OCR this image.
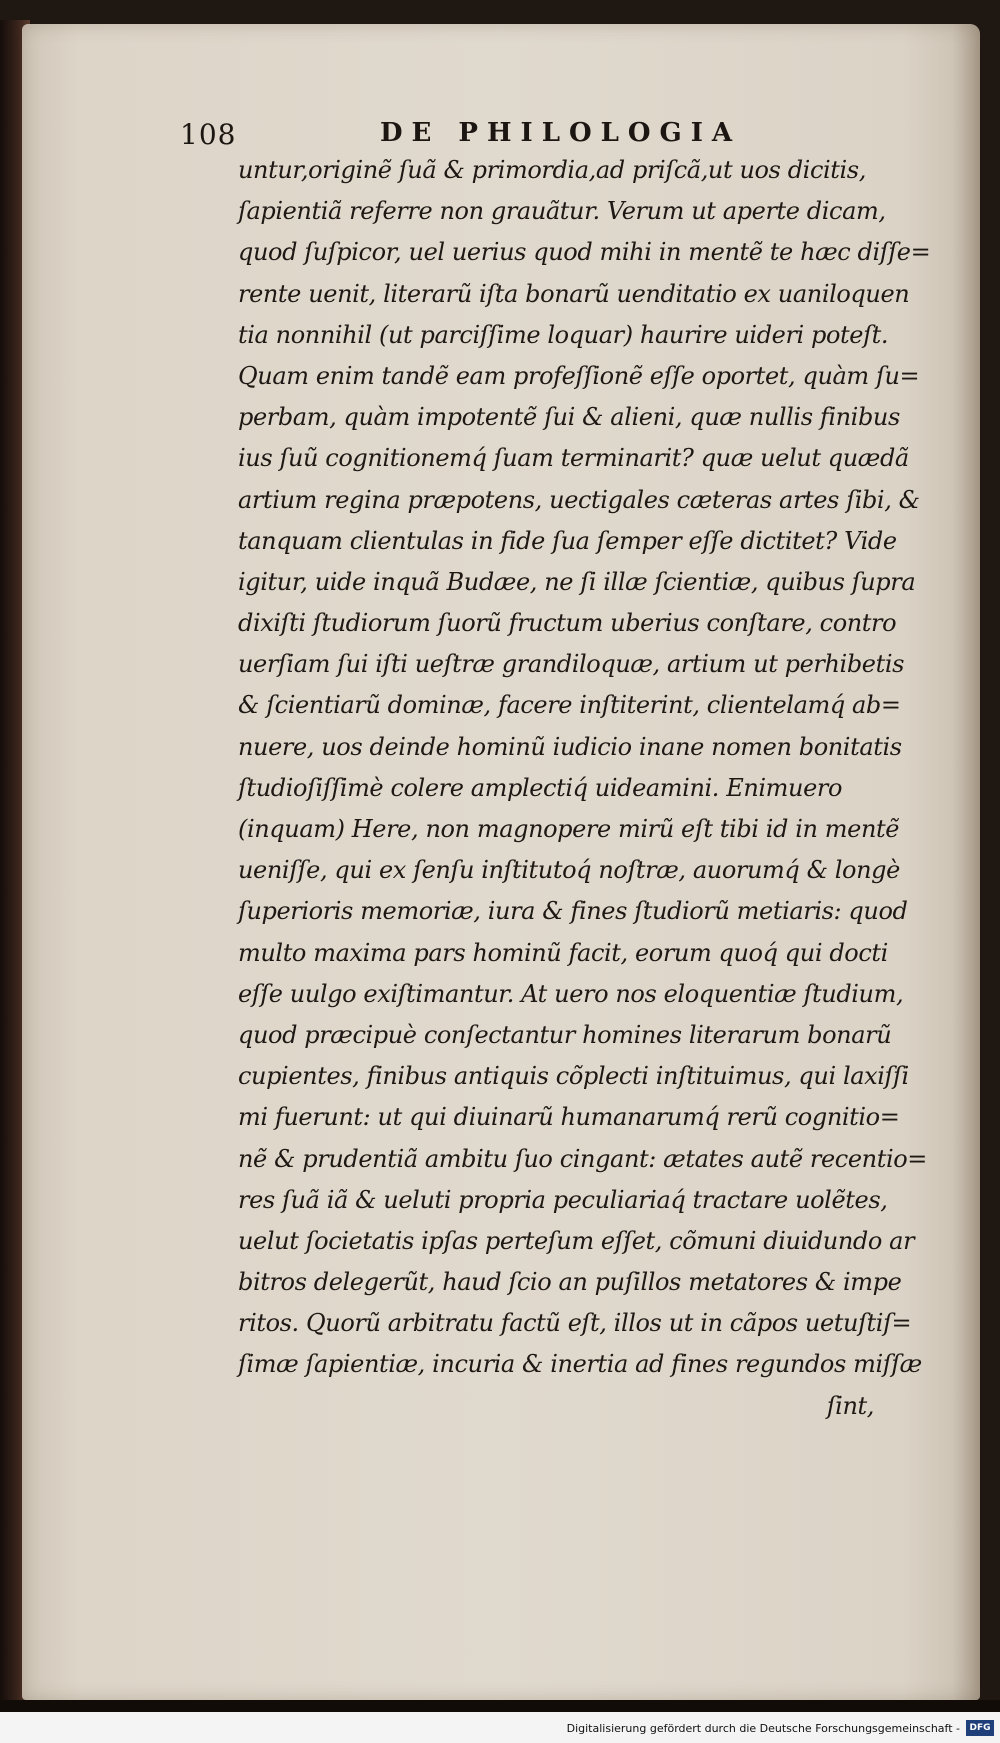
108	DE PHILOLOGIA
untur,originẽ ſuã & primordia,ad priſcã,ut uos dicitis,
ſapientiã referre non grauãtur. Verum ut aperte dicam,
quod ſuſpicor, uel uerius quod mihi in mentẽ te hæc diſſe=
rente uenit, literarũ iſta bonarũ uenditatio ex uaniloquen
tia nonnihil (ut parciſſime loquar) haurire uideri poteſt.
Quam enim tandẽ eam profeſſionẽ eſſe oportet, quàm ſu=
perbam, quàm impotentẽ ſui & alieni, quæ nullis finibus
ius ſuũ cognitionemq́ ſuam terminarit? quæ uelut quædã
artium regina præpotens, uectigales cæteras artes ſibi, &
tanquam clientulas in fide ſua ſemper eſſe dictitet? Vide
igitur, uide inquã Budæe, ne ſi illæ ſcientiæ, quibus ſupra
dixiſti ſtudiorum ſuorũ fructum uberius conſtare, contro
uerſiam ſui iſti ueſtræ grandiloquæ, artium ut perhibetis
& ſcientiarũ dominæ, facere inſtiterint, clientelamq́ ab=
nuere, uos deinde hominũ iudicio inane nomen bonitatis
ſtudioſiſſimè colere amplectiq́ uideamini. Enimuero
(inquam) Here, non magnopere mirũ eſt tibi id in mentẽ
ueniſſe, qui ex ſenſu inſtitutoq́ noſtræ, auorumq́ & longè
ſuperioris memoriæ, iura & fines ſtudiorũ metiaris: quod
multo maxima pars hominũ facit, eorum quoq́ qui docti
eſſe uulgo exiſtimantur. At uero nos eloquentiæ ſtudium,
quod præcipuè conſectantur homines literarum bonarũ
cupientes, finibus antiquis cõplecti inſtituimus, qui laxiſſi
mi fuerunt: ut qui diuinarũ humanarumq́ rerũ cognitio=
nẽ & prudentiã ambitu ſuo cingant: ætates autẽ recentio=
res ſuã iã & ueluti propria peculiariaq́ tractare uolẽtes,
uelut ſocietatis ipſas perteſum eſſet, cõmuni diuidundo ar
bitros delegerũt, haud ſcio an puſillos metatores & impe
ritos. Quorũ arbitratu factũ eſt, illos ut in cãpos uetuſtiſ=
ſimæ ſapientiæ, incuria & inertia ad fines regundos miſſæ
ſint,
Digitalisierung gefördert durch die Deutsche Forschungsgemeinschaft -	DFG
